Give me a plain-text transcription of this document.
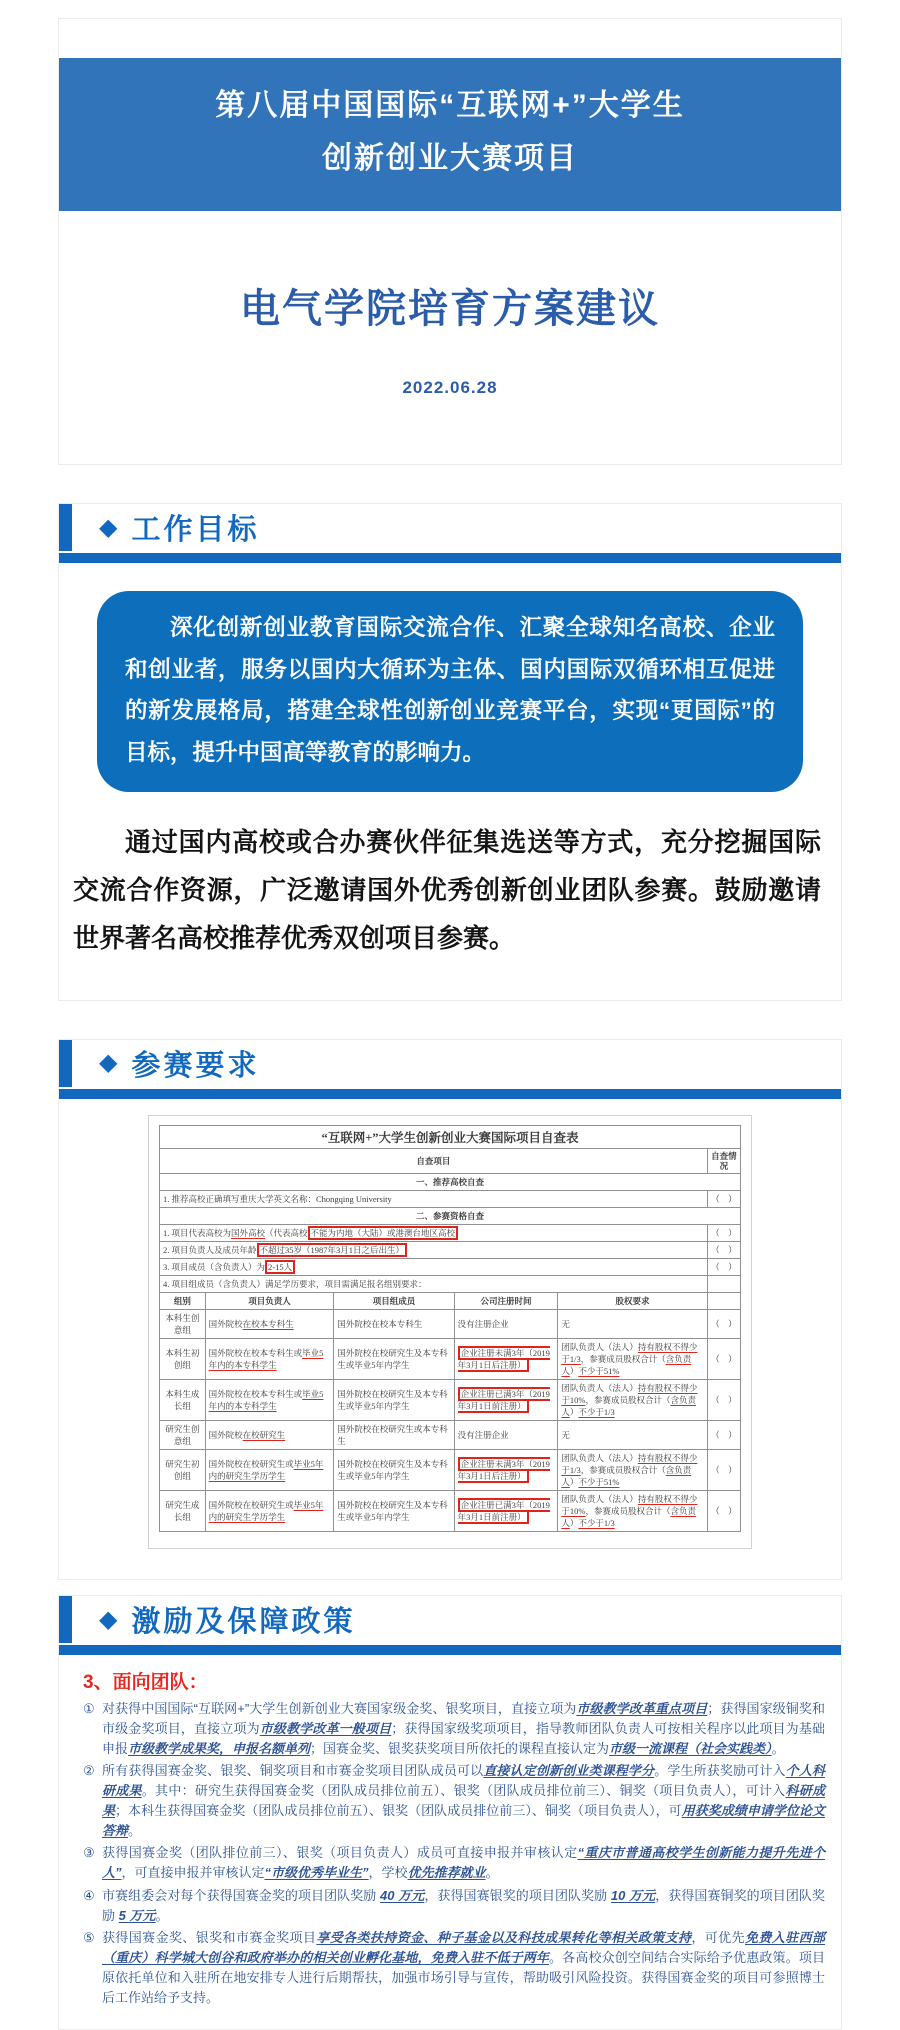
第八届中国国际“互联网+”大学生
创新创业大赛项目
电气学院培育方案建议
2022.06.28
◆ 工作目标
深化创新创业教育国际交流合作、汇聚全球知名高校、企业和创业者，服务以国内大循环为主体、国内国际双循环相互促进的新发展格局，搭建全球性创新创业竞赛平台，实现“更国际”的目标，提升中国高等教育的影响力。

通过国内高校或合办赛伙伴征集选送等方式，充分挖掘国际交流合作资源，广泛邀请国外优秀创新创业团队参赛。鼓励邀请世界著名高校推荐优秀双创项目参赛。

◆ 参赛要求
“互联网+”大学生创新创业大赛国际项目自查表					
自查项目					自查情况
一、推荐高校自查					
1. 推荐高校正确填写重庆大学英文名称：Chongqing University					（　）
二、参赛资格自查					
1. 项目代表高校为国外高校（代表高校 不能为内地（大陆）或港澳台地区高校					（　）
2. 项目负责人及成员年龄 不超过35岁（1987年3月1日之后出生）					（　）
3. 项目成员（含负责人）为 2-15人					（　）
4. 项目组成员（含负责人）满足学历要求，项目需满足报名组别要求：					
组别	项目负责人	项目组成员	公司注册时间	股权要求	
本科生创意组	国外院校在校本专科生	国外院校在校本专科生	没有注册企业	无	（　）
本科生初创组	国外院校在校本专科生或毕业5年内的本专科学生	国外院校在校研究生及本专科生或毕业5年内学生	企业注册未满3年（2019年3月1日后注册）	团队负责人（法人）持有股权不得少于1/3，参赛成员股权合计（含负责人）不少于51%	（　）
本科生成长组	国外院校在校本专科生或毕业5年内的本专科学生	国外院校在校研究生及本专科生或毕业5年内学生	企业注册已满3年（2019年3月1日前注册）	团队负责人（法人）持有股权不得少于10%，参赛成员股权合计（含负责人）不少于1/3	（　）
研究生创意组	国外院校在校研究生	国外院校在校研究生或本专科生	没有注册企业	无	（　）
研究生初创组	国外院校在校研究生或毕业5年内的研究生学历学生	国外院校在校研究生及本专科生或毕业5年内学生	企业注册未满3年（2019年3月1日后注册）	团队负责人（法人）持有股权不得少于1/3，参赛成员股权合计（含负责人）不少于51%	（　）
研究生成长组	国外院校在校研究生或毕业5年内的研究生学历学生	国外院校在校研究生及本专科生或毕业5年内学生	企业注册已满3年（2019年3月1日前注册）	团队负责人（法人）持有股权不得少于10%，参赛成员股权合计（含负责人）不少于1/3	（　）
◆ 激励及保障政策
3、面向团队：
① 对获得中国国际“互联网+”大学生创新创业大赛国家级金奖、银奖项目，直接立项为市级教学改革重点项目；获得国家级铜奖和市级金奖项目，直接立项为市级教学改革一般项目；获得国家级奖项项目，指导教师团队负责人可按相关程序以此项目为基础申报市级教学成果奖，申报名额单列；国赛金奖、银奖获奖项目所依托的课程直接认定为市级一流课程（社会实践类）。
② 所有获得国赛金奖、银奖、铜奖项目和市赛金奖项目团队成员可以直接认定创新创业类课程学分。学生所获奖励可计入个人科研成果。其中：研究生获得国赛金奖（团队成员排位前五）、银奖（团队成员排位前三）、铜奖（项目负责人），可计入科研成果；本科生获得国赛金奖（团队成员排位前五）、银奖（团队成员排位前三）、铜奖（项目负责人），可用获奖成绩申请学位论文答辩。
③ 获得国赛金奖（团队排位前三）、银奖（项目负责人）成员可直接申报并审核认定“重庆市普通高校学生创新能力提升先进个人”，可直接申报并审核认定“市级优秀毕业生”，学校优先推荐就业。
④ 市赛组委会对每个获得国赛金奖的项目团队奖励 40 万元，获得国赛银奖的项目团队奖励 10 万元，获得国赛铜奖的项目团队奖励 5 万元。
⑤ 获得国赛金奖、银奖和市赛金奖项目享受各类扶持资金、种子基金以及科技成果转化等相关政策支持，可优先免费入驻西部（重庆）科学城大创谷和政府举办的相关创业孵化基地，免费入驻不低于两年。各高校众创空间结合实际给予优惠政策。项目原依托单位和入驻所在地安排专人进行后期帮扶，加强市场引导与宣传，帮助吸引风险投资。获得国赛金奖的项目可参照博士后工作站给予支持。
